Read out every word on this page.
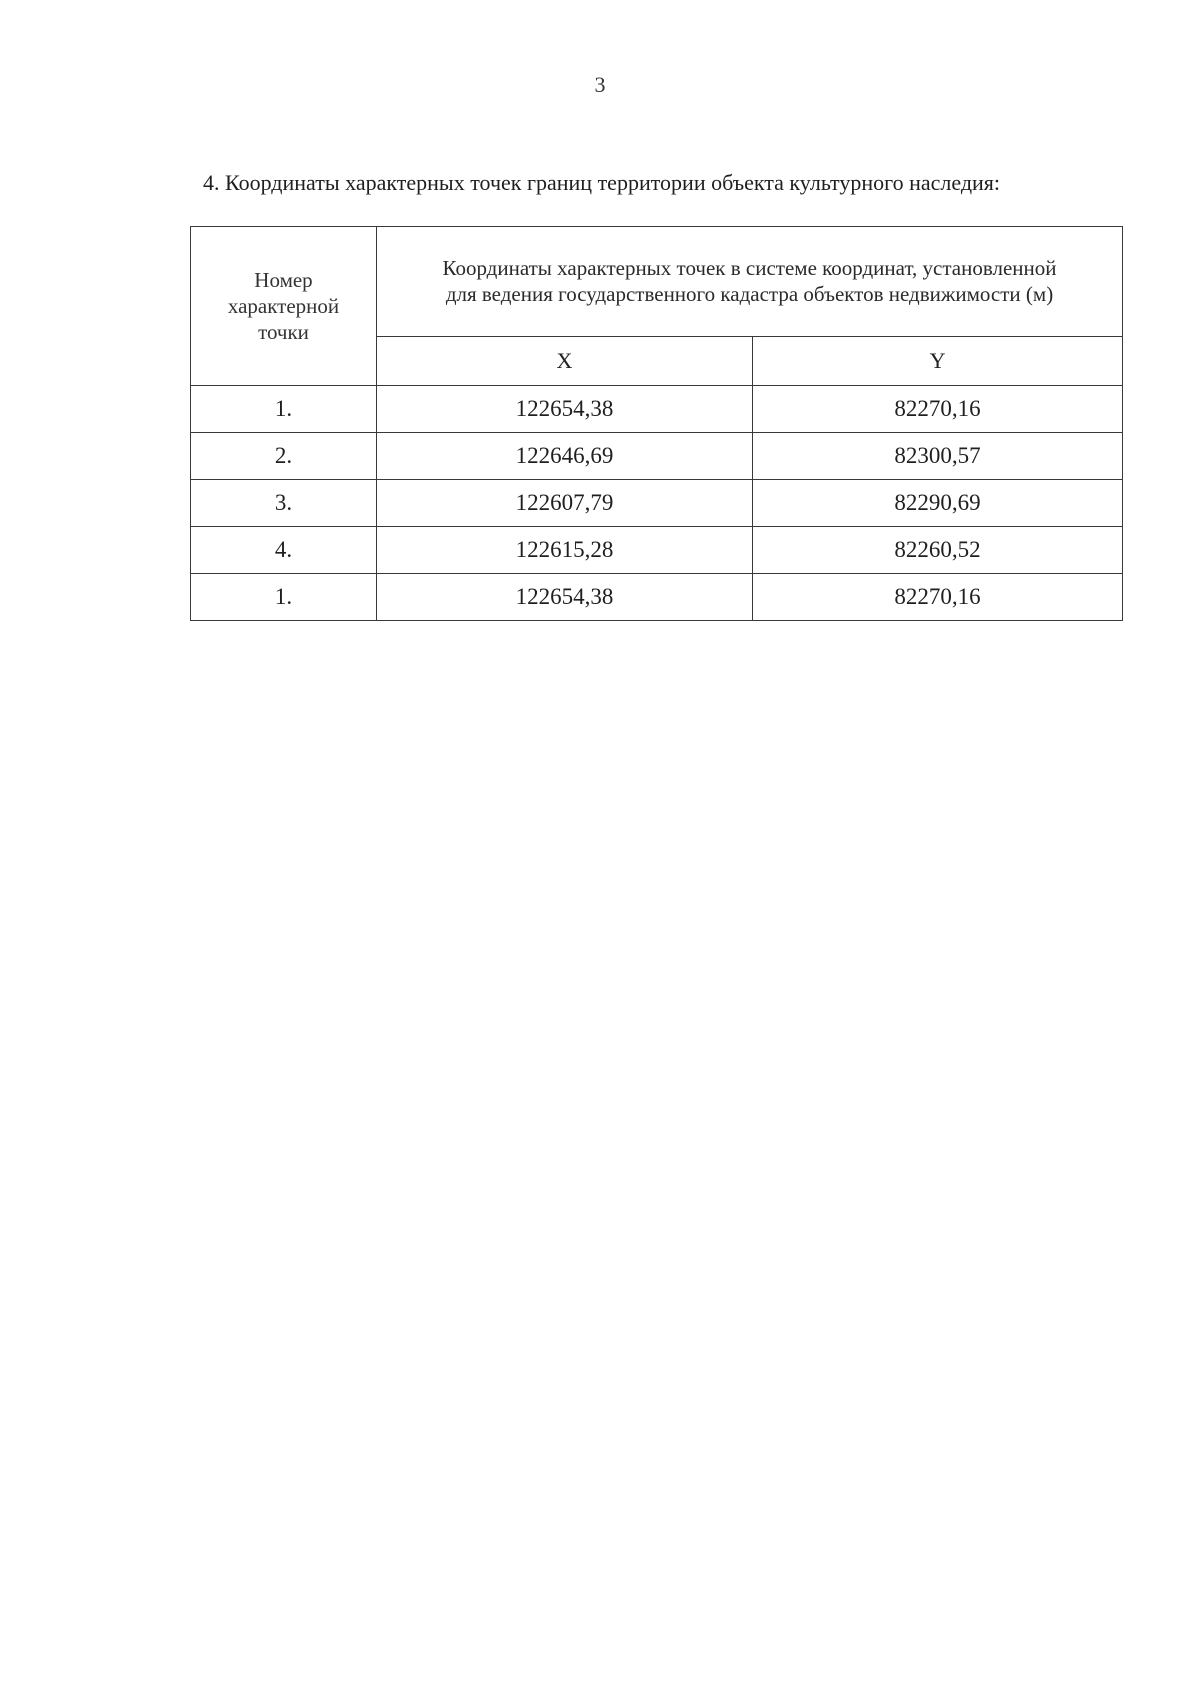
3
4. Координаты характерных точек границ территории объекта культурного наследия:
Номер
характерной
точки	Координаты характерных точек в системе координат, установленной
для ведения государственного кадастра объектов недвижимости (м)	

	X	Y
1.	122654,38	82270,16
2.	122646,69	82300,57
3.	122607,79	82290,69
4.	122615,28	82260,52
1.	122654,38	82270,16
